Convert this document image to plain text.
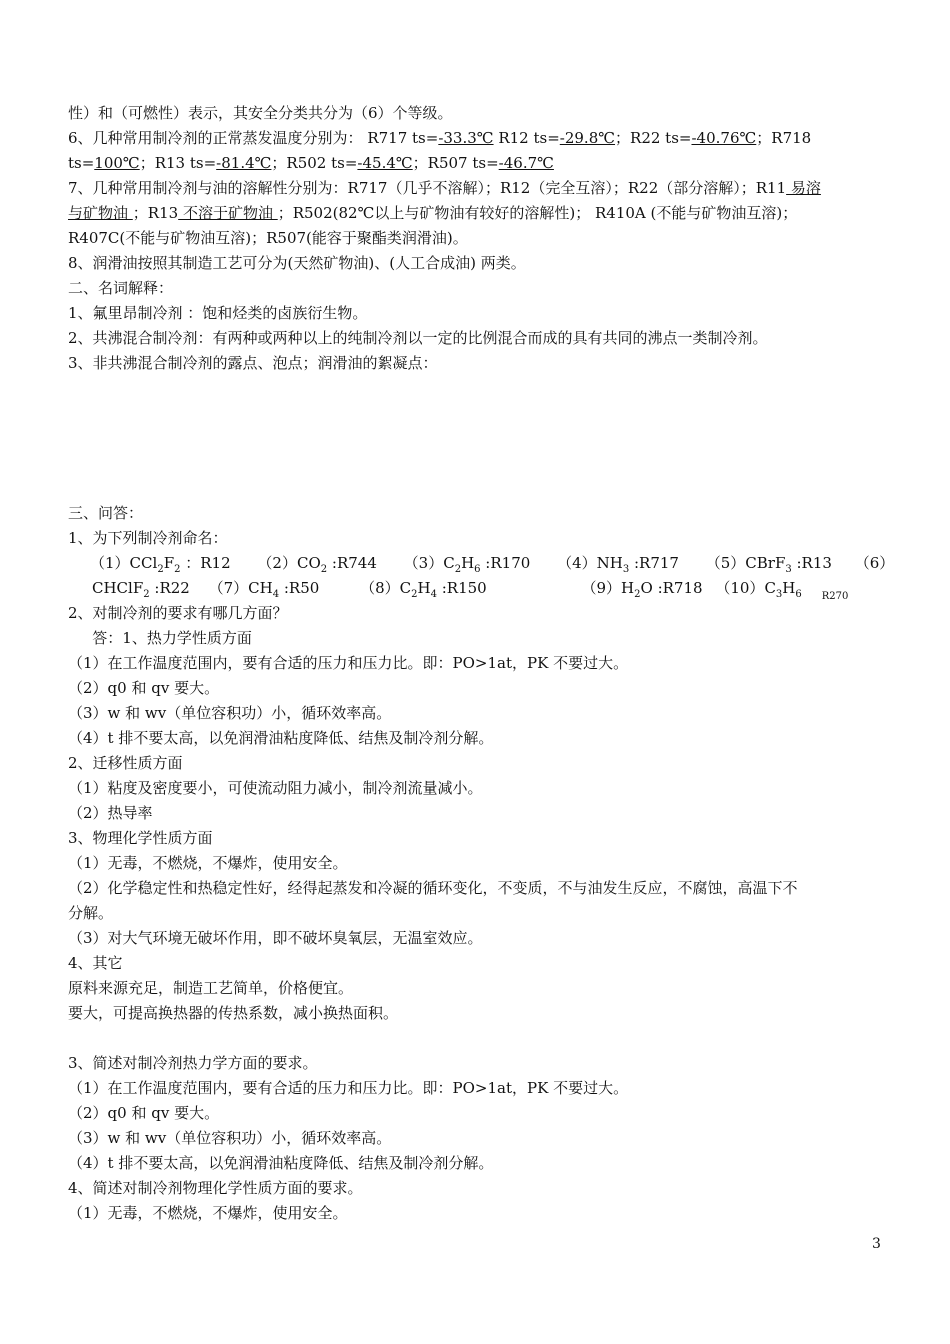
性）和（可燃性）表示，其安全分类共分为（6）个等级。
6、几种常用制冷剂的正常蒸发温度分别为： R717 ts=-33.3℃ R12 ts=-29.8℃；R22 ts=-40.76℃；R718
ts=100℃；R13 ts=-81.4℃；R502 ts=-45.4℃；R507 ts=-46.7℃
7、几种常用制冷剂与油的溶解性分别为：R717（几乎不溶解）；R12（完全互溶）；R22（部分溶解）；R11 易溶
与矿物油 ；R13 不溶于矿物油 ；R502(82℃以上与矿物油有较好的溶解性)； R410A (不能与矿物油互溶)；
R407C(不能与矿物油互溶)；R507(能容于聚酯类润滑油)。
8、润滑油按照其制造工艺可分为(天然矿物油)、(人工合成油) 两类。
二、名词解释：
1、氟里昂制冷剂 ：饱和烃类的卤族衍生物。
2、共沸混合制冷剂：有两种或两种以上的纯制冷剂以一定的比例混合而成的具有共同的沸点一类制冷剂。
3、非共沸混合制冷剂的露点、泡点；润滑油的絮凝点：
三、问答：
1、为下列制冷剂命名：
$(1)CCl_2F_2$ ：R12 $(2)CO_2$ :R744 $(3)C_2H_6$ :R170 $(4)NH_3$ :R717 （5）CBrF$_3$ :R13 （6）
CHClF$_2$ :R22 $(7)CH_4$ :R50	$(8)C_2H_4$ :R150	$(9)H_2O$ :R718 $(10)C_3H_6$ $_{R270}$
2、对制冷剂的要求有哪几方面？
答：1、热力学性质方面
（1）在工作温度范围内，要有合适的压力和压力比。即：PO>1at，PK 不要过大。
（2）q0 和 qv 要大。
（3）w 和 wv（单位容积功）小，循环效率高。
（4）t 排不要太高，以免润滑油粘度降低、结焦及制冷剂分解。
2、迁移性质方面
（1）粘度及密度要小，可使流动阻力减小，制冷剂流量减小。
（2）热导率
3、物理化学性质方面
（1）无毒，不燃烧，不爆炸，使用安全。
（2）化学稳定性和热稳定性好，经得起蒸发和冷凝的循环变化，不变质，不与油发生反应，不腐蚀，高温下不
分解。
（3）对大气环境无破坏作用，即不破坏臭氧层，无温室效应。
4、其它
原料来源充足，制造工艺简单，价格便宜。
要大，可提高换热器的传热系数，减小换热面积。
3、简述对制冷剂热力学方面的要求。
（1）在工作温度范围内，要有合适的压力和压力比。即：PO>1at，PK 不要过大。
（2）q0 和 qv 要大。
（3）w 和 wv（单位容积功）小，循环效率高。
（4）t 排不要太高，以免润滑油粘度降低、结焦及制冷剂分解。
4、简述对制冷剂物理化学性质方面的要求。
（1）无毒，不燃烧，不爆炸，使用安全。
3
